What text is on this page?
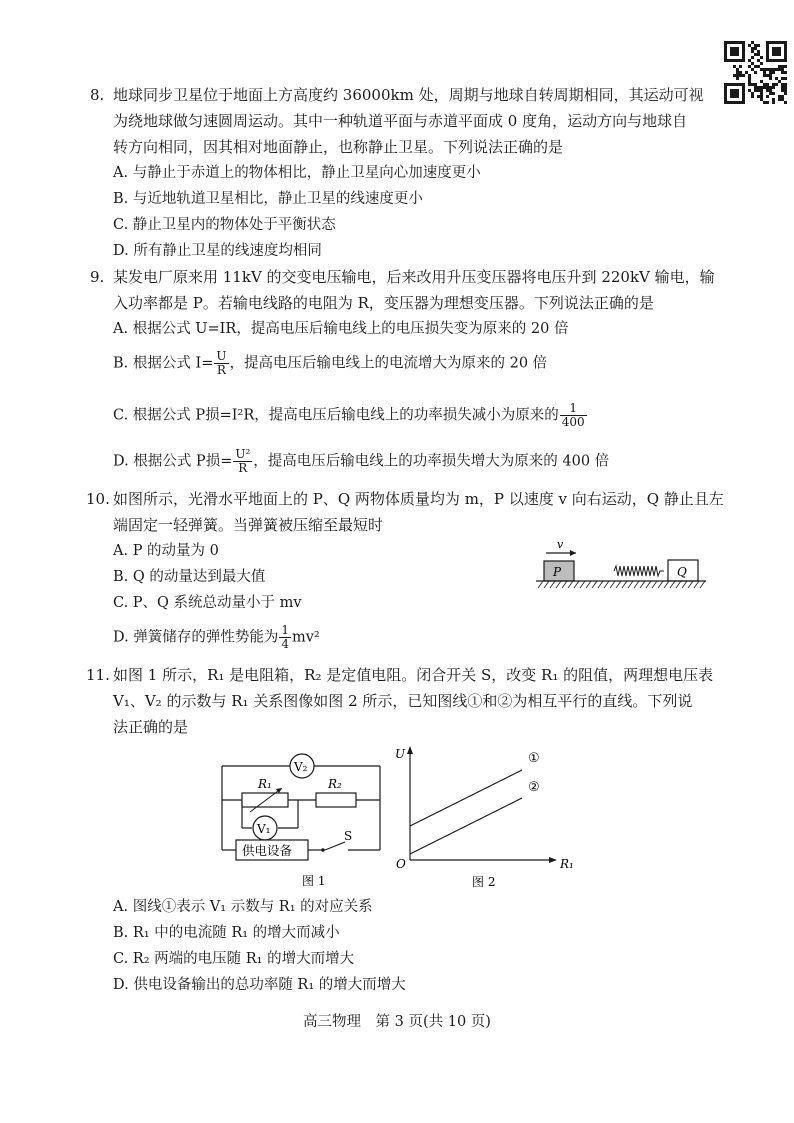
8. 地球同步卫星位于地面上方高度约 36000km 处，周期与地球自转周期相同，其运动可视
为绕地球做匀速圆周运动。其中一种轨道平面与赤道平面成 0 度角，运动方向与地球自
转方向相同，因其相对地面静止，也称静止卫星。下列说法正确的是
A. 与静止于赤道上的物体相比，静止卫星向心加速度更小
B. 与近地轨道卫星相比，静止卫星的线速度更小
C. 静止卫星内的物体处于平衡状态
D. 所有静止卫星的线速度均相同
9. 某发电厂原来用 11kV 的交变电压输电，后来改用升压变压器将电压升到 220kV 输电，输
入功率都是 P。若输电线路的电阻为 R，变压器为理想变压器。下列说法正确的是
A. 根据公式 U=IR，提高电压后输电线上的电压损失变为原来的 20 倍
B. 根据公式 $I= \frac{U}{R}$ ，提高电压后输电线上的电流增大为原来的 20 倍
C. 根据公式 P损=I²R，提高电压后输电线上的功率损失减小为原来的 $\frac{1}{400}$
D. 根据公式 P损= $\frac{\text{U²}}{R}$ ，提高电压后输电线上的功率损失增大为原来的 400 倍
10. 如图所示，光滑水平地面上的 P、Q 两物体质量均为 m，P 以速度 v 向右运动，Q 静止且左
端固定一轻弹簧。当弹簧被压缩至最短时
A. P 的动量为 0
B. Q 的动量达到最大值
C. P、Q 系统总动量小于 mv
D. 弹簧储存的弹性势能为 $\frac{1}{4} mv^2$
v
P	Q
11. 如图 1 所示，R₁ 是电阻箱，R₂ 是定值电阻。闭合开关 S，改变 R₁ 的阻值，两理想电压表
V₁、V₂ 的示数与 R₁ 关系图像如图 2 所示，已知图线①和②为相互平行的直线。下列说
法正确的是
V₂
R₁	R₂
V₁
供电设备
S
图 1
U
O	R₁
①
②
图 2
A. 图线①表示 V₁ 示数与 R₁ 的对应关系
B. R₁ 中的电流随 R₁ 的增大而减小
C. R₂ 两端的电压随 R₁ 的增大而增大
D. 供电设备输出的总功率随 R₁ 的增大而增大
高三物理　第 3 页(共 10 页)
